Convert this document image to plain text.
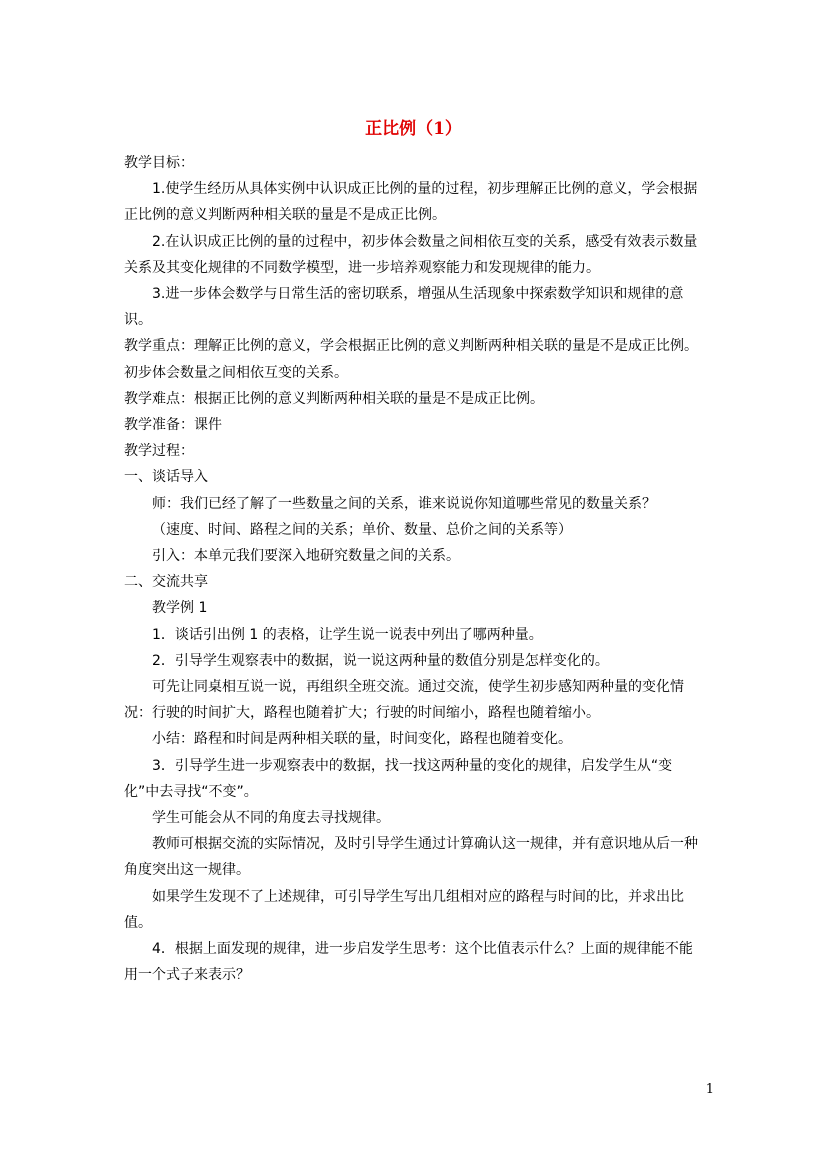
正比例（1）

教学目标：

1.使学生经历从具体实例中认识成正比例的量的过程，初步理解正比例的意义，学会根据正比例的意义判断两种相关联的量是不是成正比例。

2.在认识成正比例的量的过程中，初步体会数量之间相依互变的关系，感受有效表示数量关系及其变化规律的不同数学模型，进一步培养观察能力和发现规律的能力。

3.进一步体会数学与日常生活的密切联系，增强从生活现象中探索数学知识和规律的意识。

教学重点：理解正比例的意义，学会根据正比例的意义判断两种相关联的量是不是成正比例。初步体会数量之间相依互变的关系。

教学难点：根据正比例的意义判断两种相关联的量是不是成正比例。

教学准备：课件

教学过程：

一、谈话导入

师：我们已经了解了一些数量之间的关系，谁来说说你知道哪些常见的数量关系？

（速度、时间、路程之间的关系；单价、数量、总价之间的关系等）

引入：本单元我们要深入地研究数量之间的关系。

二、交流共享

教学例 1

1．谈话引出例 1 的表格，让学生说一说表中列出了哪两种量。

2．引导学生观察表中的数据，说一说这两种量的数值分别是怎样变化的。

可先让同桌相互说一说，再组织全班交流。通过交流，使学生初步感知两种量的变化情况：行驶的时间扩大，路程也随着扩大；行驶的时间缩小，路程也随着缩小。

小结：路程和时间是两种相关联的量，时间变化，路程也随着变化。

3．引导学生进一步观察表中的数据，找一找这两种量的变化的规律，启发学生从“变化”中去寻找“不变”。

学生可能会从不同的角度去寻找规律。

教师可根据交流的实际情况，及时引导学生通过计算确认这一规律，并有意识地从后一种角度突出这一规律。

如果学生发现不了上述规律，可引导学生写出几组相对应的路程与时间的比，并求出比值。

4．根据上面发现的规律，进一步启发学生思考：这个比值表示什么？上面的规律能不能用一个式子来表示？

1
